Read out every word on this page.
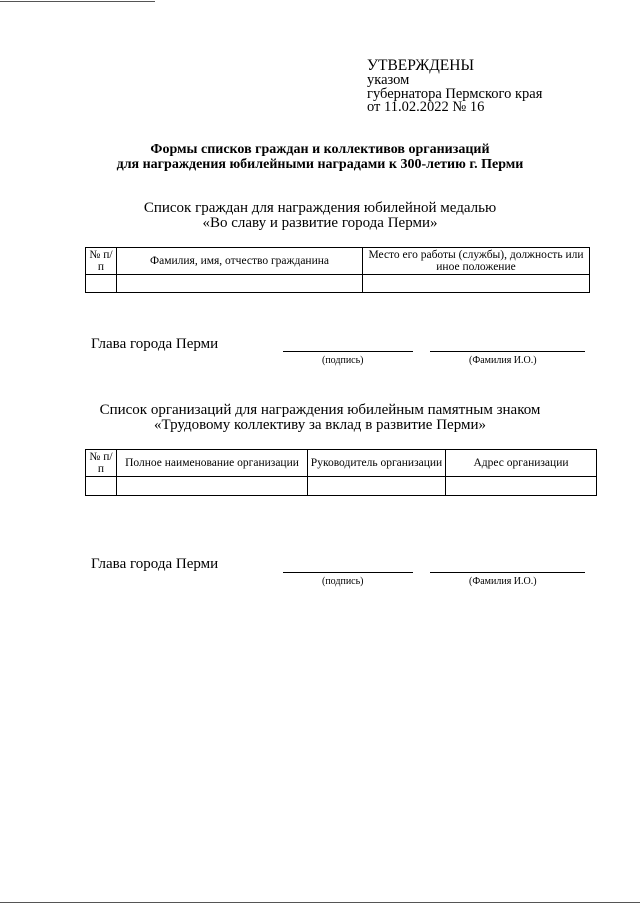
УТВЕРЖДЕНЫ
указом
губернатора Пермского края
от 11.02.2022 № 16
Формы списков граждан и коллективов организаций
для награждения юбилейными наградами к 300-летию г. Перми
Список граждан для награждения юбилейной медалью
«Во славу и развитие города Перми»
№ п/п	Фамилия, имя, отчество гражданина	Место его работы (службы), должность или иное положение

Глава города Перми
(подпись)	(Фамилия И.О.)
Список организаций для награждения юбилейным памятным знаком
«Трудовому коллективу за вклад в развитие Перми»
№ п/п	Полное наименование организации	Руководитель организации	Адрес организации

Глава города Перми
(подпись)	(Фамилия И.О.)
